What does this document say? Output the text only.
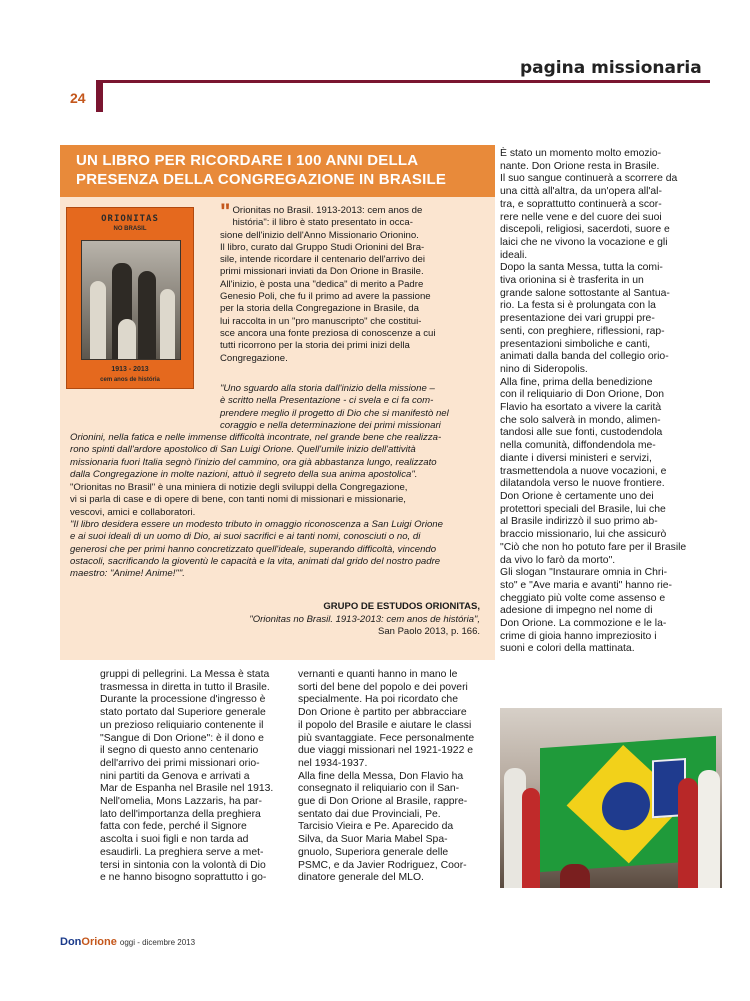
pagina missionaria
24
UN LIBRO PER RICORDARE I 100 ANNI DELLA
PRESENZA DELLA CONGREGAZIONE IN BRASILE
ORIONITAS
NO BRASIL
1913 - 2013
cem anos de história
" Orionitas no Brasil. 1913-2013: cem anos de
história": il libro è stato presentato in occa-
sione dell'inizio dell'Anno Missionario Orionino.
Il libro, curato dal Gruppo Studi Orionini del Bra-
sile, intende ricordare il centenario dell'arrivo dei
primi missionari inviati da Don Orione in Brasile.
All'inizio, è posta una "dedica" di merito a Padre
Genesio Poli, che fu il primo ad avere la passione
per la storia della Congregazione in Brasile, da
lui raccolta in un "pro manuscripto" che costitui-
sce ancora una fonte preziosa di conoscenze a cui
tutti ricorrono per la storia dei primi inizi della
Congregazione.
"Uno sguardo alla storia dall'inizio della missione –
è scritto nella Presentazione - ci svela e ci fa com-
prendere meglio il progetto di Dio che si manifestò nel
coraggio e nella determinazione dei primi missionari
Orionini, nella fatica e nelle immense difficoltà incontrate, nel grande bene che realizza-
rono spinti dall'ardore apostolico di San Luigi Orione. Quell'umile inizio dell'attività
missionaria fuori Italia segnò l'inizio del cammino, ora già abbastanza lungo, realizzato
dalla Congregazione in molte nazioni, attuò il segreto della sua anima apostolica".
"Orionitas no Brasil" è una miniera di notizie degli sviluppi della Congregazione,
vi si parla di case e di opere di bene, con tanti nomi di missionari e missionarie,
vescovi, amici e collaboratori.
"Il libro desidera essere un modesto tributo in omaggio riconoscenza a San Luigi Orione
e ai suoi ideali di un uomo di Dio, ai suoi sacrifici e ai tanti nomi, conosciuti o no, di
generosi che per primi hanno concretizzato quell'ideale, superando difficoltà, vincendo
ostacoli, sacrificando la gioventù le capacità e la vita, animati dal grido del nostro padre
maestro: "Anime! Anime!"".
GRUPO DE ESTUDOS ORIONITAS,
"Orionitas no Brasil. 1913-2013: cem anos de história",
San Paolo 2013, p. 166.
gruppi di pellegrini. La Messa è stata
trasmessa in diretta in tutto il Brasile.
Durante la processione d'ingresso è
stato portato dal Superiore generale
un prezioso reliquiario contenente il
"Sangue di Don Orione": è il dono e
il segno di questo anno centenario
dell'arrivo dei primi missionari orio-
nini partiti da Genova e arrivati a
Mar de Espanha nel Brasile nel 1913.
Nell'omelia, Mons Lazzaris, ha par-
lato dell'importanza della preghiera
fatta con fede, perché il Signore
ascolta i suoi figli e non tarda ad
esaudirli. La preghiera serve a met-
tersi in sintonia con la volontà di Dio
e ne hanno bisogno soprattutto i go-
vernanti e quanti hanno in mano le
sorti del bene del popolo e dei poveri
specialmente. Ha poi ricordato che
Don Orione è partito per abbracciare
il popolo del Brasile e aiutare le classi
più svantaggiate. Fece personalmente
due viaggi missionari nel 1921-1922 e
nel 1934-1937.
Alla fine della Messa, Don Flavio ha
consegnato il reliquiario con il San-
gue di Don Orione al Brasile, rappre-
sentato dai due Provinciali, Pe.
Tarcisio Vieira e Pe. Aparecido da
Silva, da Suor Maria Mabel Spa-
gnuolo, Superiora generale delle
PSMC, e da Javier Rodriguez, Coor-
dinatore generale del MLO.
È stato un momento molto emozio-
nante. Don Orione resta in Brasile.
Il suo sangue continuerà a scorrere da
una città all'altra, da un'opera all'al-
tra, e soprattutto continuerà a scor-
rere nelle vene e del cuore dei suoi
discepoli, religiosi, sacerdoti, suore e
laici che ne vivono la vocazione e gli
ideali.
Dopo la santa Messa, tutta la comi-
tiva orionina si è trasferita in un
grande salone sottostante al Santua-
rio. La festa si è prolungata con la
presentazione dei vari gruppi pre-
senti, con preghiere, riflessioni, rap-
presentazioni simboliche e canti,
animati dalla banda del collegio orio-
nino di Sideropolis.
Alla fine, prima della benedizione
con il reliquiario di Don Orione, Don
Flavio ha esortato a vivere la carità
che solo salverà in mondo, alimen-
tandosi alle sue fonti, custodendola
nella comunità, diffondendola me-
diante i diversi ministeri e servizi,
trasmettendola a nuove vocazioni, e
dilatandola verso le nuove frontiere.
Don Orione è certamente uno dei
protettori speciali del Brasile, lui che
al Brasile indirizzò il suo primo ab-
braccio missionario, lui che assicurò
"Ciò che non ho potuto fare per il Brasile
da vivo lo farò da morto".
Gli slogan "Instaurare omnia in Chri-
sto" e "Ave maria e avanti" hanno rie-
cheggiato più volte come assenso e
adesione di impegno nel nome di
Don Orione. La commozione e le la-
crime di gioia hanno impreziosito i
suoni e colori della mattinata.
DonOrione oggi - dicembre 2013
